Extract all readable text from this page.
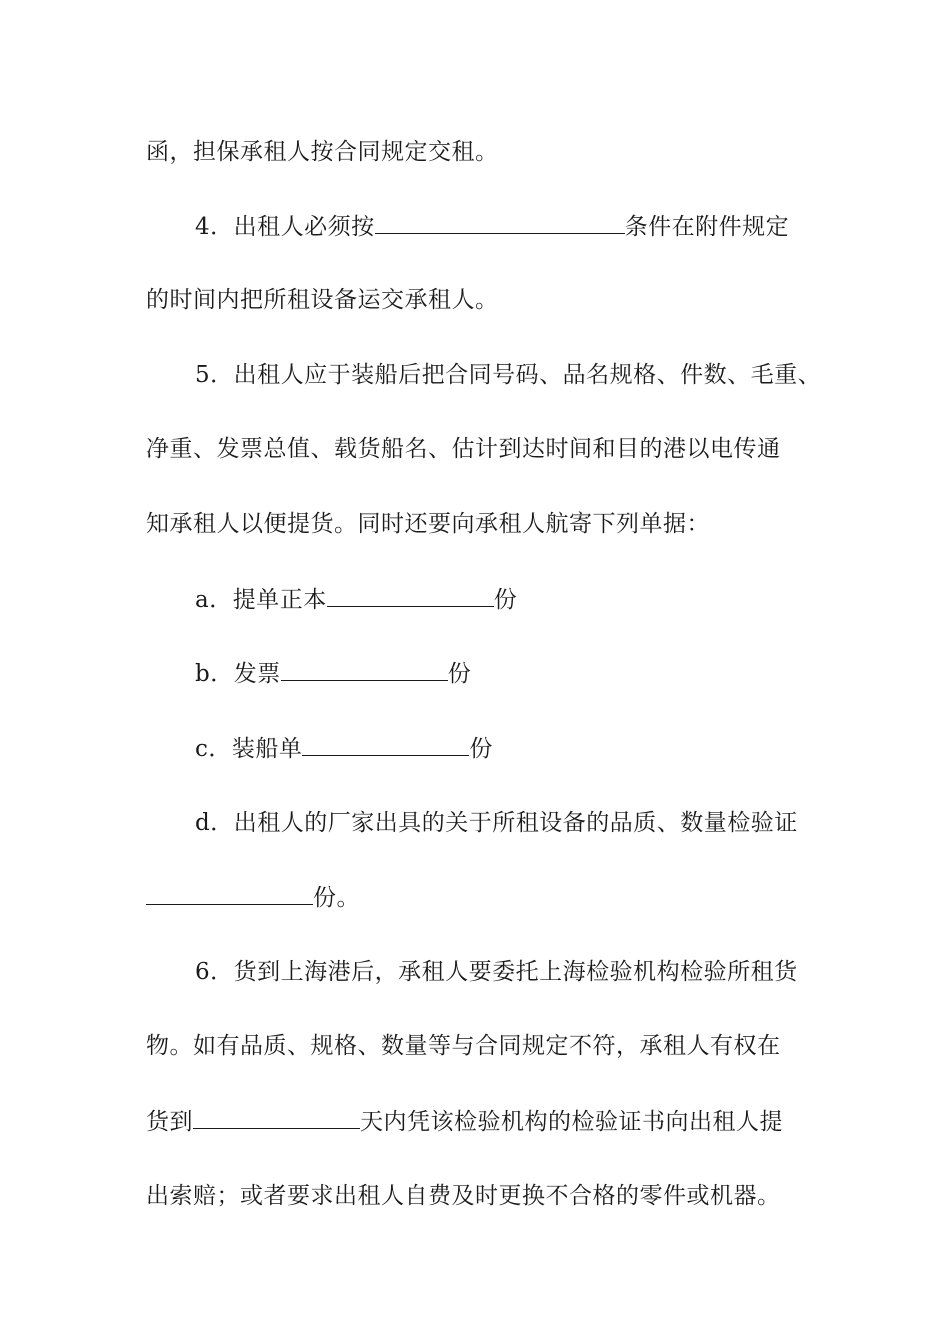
函，担保承租人按合同规定交租。
4．出租人必须按	条件在附件规定
的时间内把所租设备运交承租人。
5．出租人应于装船后把合同号码、品名规格、件数、毛重、
净重、发票总值、载货船名、估计到达时间和目的港以电传通
知承租人以便提货。同时还要向承租人航寄下列单据：
a．提单正本	份
b．发票	份
c．装船单	份
d．出租人的厂家出具的关于所租设备的品质、数量检验证
份。
6．货到上海港后，承租人要委托上海检验机构检验所租货
物。如有品质、规格、数量等与合同规定不符，承租人有权在
货到	天内凭该检验机构的检验证书向出租人提
出索赔；或者要求出租人自费及时更换不合格的零件或机器。
